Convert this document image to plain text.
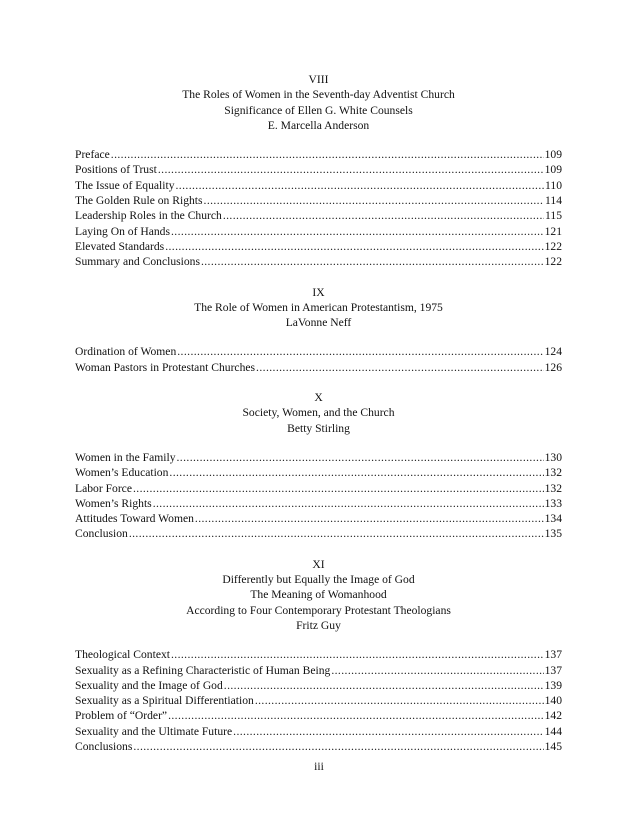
VIII
The Roles of Women in the Seventh-day Adventist Church
Significance of Ellen G. White Counsels
E. Marcella Anderson
Preface .....	109
Positions of Trust .....	109
The Issue of Equality .....	110
The Golden Rule on Rights .....	114
Leadership Roles in the Church .....	115
Laying On of Hands .....	121
Elevated Standards .....	122
Summary and Conclusions .....	122
IX
The Role of Women in American Protestantism, 1975
LaVonne Neff
Ordination of Women .....	124
Woman Pastors in Protestant Churches .....	126
X
Society, Women, and the Church
Betty Stirling
Women in the Family .....	130
Women’s Education .....	132
Labor Force .....	132
Women’s Rights .....	133
Attitudes Toward Women .....	134
Conclusion .....	135
XI
Differently but Equally the Image of God
The Meaning of Womanhood
According to Four Contemporary Protestant Theologians
Fritz Guy
Theological Context .....	137
Sexuality as a Refining Characteristic of Human Being .....	137
Sexuality and the Image of God .....	139
Sexuality as a Spiritual Differentiation .....	140
Problem of “Order” .....	142
Sexuality and the Ultimate Future .....	144
Conclusions .....	145
iii
